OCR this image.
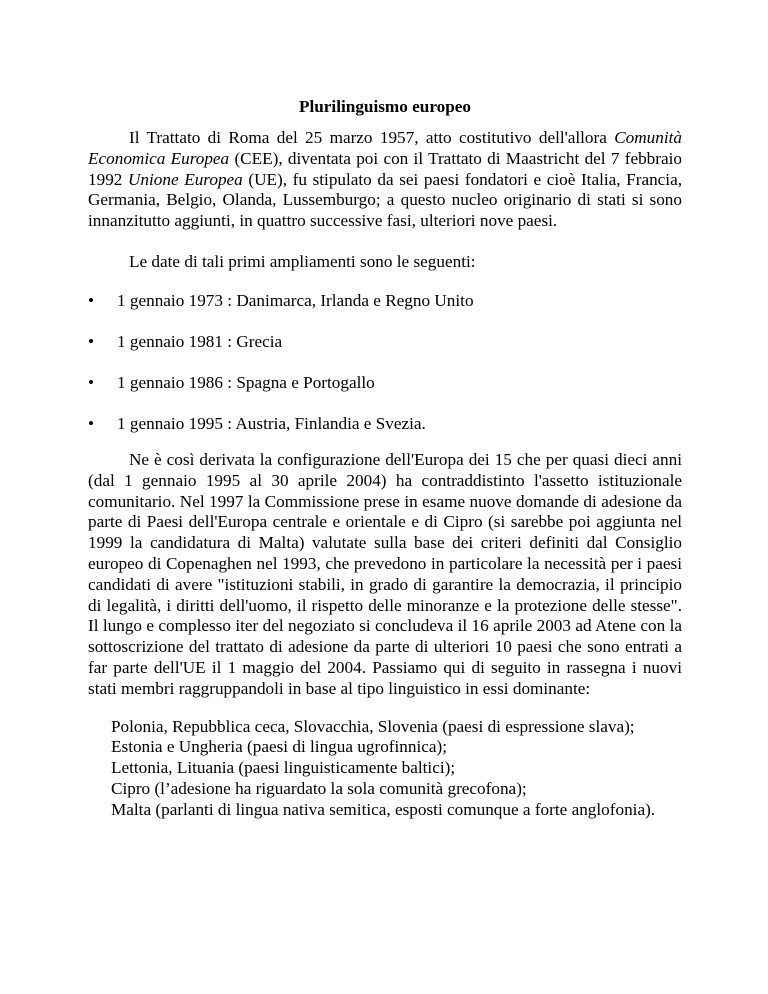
Plurilinguismo europeo

Il Trattato di Roma del 25 marzo 1957, atto costitutivo dell'allora Comunità Economica Europea (CEE), diventata poi con il Trattato di Maastricht del 7 febbraio 1992 Unione Europea (UE), fu stipulato da sei paesi fondatori e cioè Italia, Francia, Germania, Belgio, Olanda, Lussemburgo; a questo nucleo originario di stati si sono innanzitutto aggiunti, in quattro successive fasi, ulteriori nove paesi.

Le date di tali primi ampliamenti sono le seguenti:

• 1 gennaio 1973 : Danimarca, Irlanda e Regno Unito
• 1 gennaio 1981 : Grecia
• 1 gennaio 1986 : Spagna e Portogallo
• 1 gennaio 1995 : Austria, Finlandia e Svezia.

Ne è così derivata la configurazione dell'Europa dei 15 che per quasi dieci anni (dal 1 gennaio 1995 al 30 aprile 2004) ha contraddistinto l'assetto istituzionale comunitario. Nel 1997 la Commissione prese in esame nuove domande di adesione da parte di Paesi dell'Europa centrale e orientale e di Cipro (si sarebbe poi aggiunta nel 1999 la candidatura di Malta) valutate sulla base dei criteri definiti dal Consiglio europeo di Copenaghen nel 1993, che prevedono in particolare la necessità per i paesi candidati di avere "istituzioni stabili, in grado di garantire la democrazia, il principio di legalità, i diritti dell'uomo, il rispetto delle minoranze e la protezione delle stesse". Il lungo e complesso iter del negoziato si concludeva il 16 aprile 2003 ad Atene con la sottoscrizione del trattato di adesione da parte di ulteriori 10 paesi che sono entrati a far parte dell'UE il 1 maggio del 2004. Passiamo qui di seguito in rassegna i nuovi stati membri raggruppandoli in base al tipo linguistico in essi dominante:

Polonia, Repubblica ceca, Slovacchia, Slovenia (paesi di espressione slava);
Estonia e Ungheria (paesi di lingua ugrofinnica);
Lettonia, Lituania (paesi linguisticamente baltici);
Cipro (l’adesione ha riguardato la sola comunità grecofona);
Malta (parlanti di lingua nativa semitica, esposti comunque a forte anglofonia).
